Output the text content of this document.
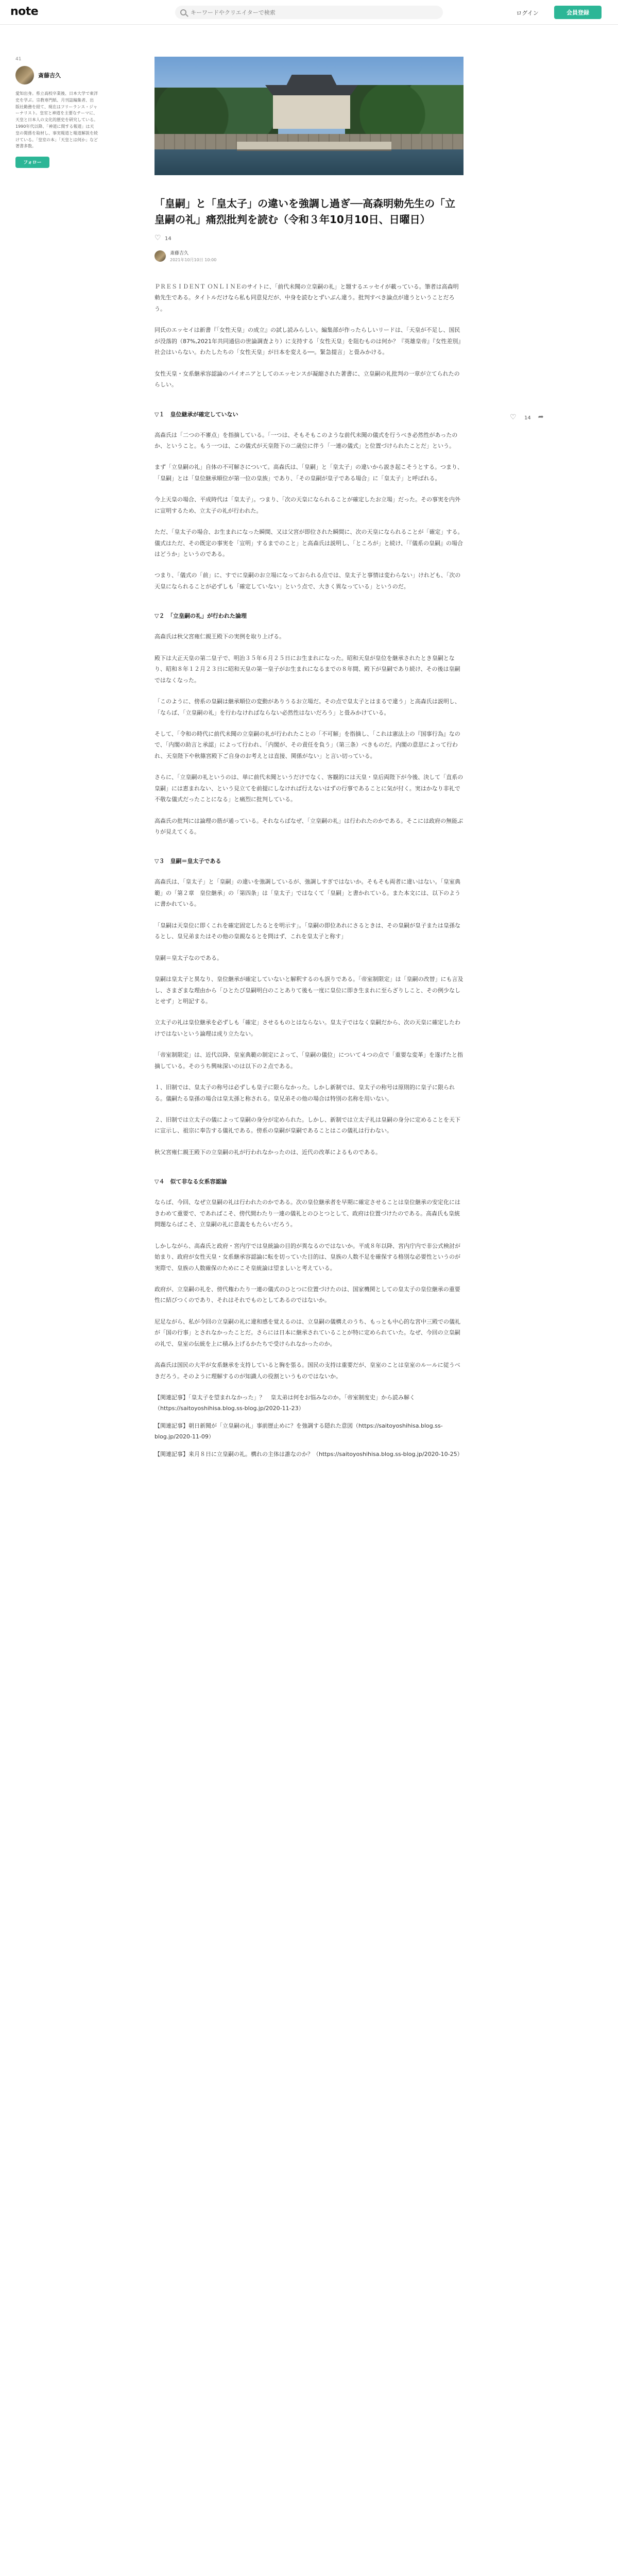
note
キーワードやクリエイターで検索	ログイン	会員登録
41
斎藤吉久
愛知出身。県立高校卒業後、日本大学で東洋史を学ぶ。宗教専門紙、月刊誌編集者、出版社勤務を経て、現在はフリーランス・ジャーナリスト。皇室と神道を主要なテーマに、天皇と日本人の文化的歴史を研究している。1990年代以降、「神道に関する報道」は天皇の関係を取材し、事実報道と報道解説を続けている。「皇室の本」「天皇とは何か」など著書多数。
フォロー
「皇嗣」と「皇太子」の違いを強調し過ぎ──高森明勅先生の「立皇嗣の礼」痛烈批判を読む（令和３年10月10日、日曜日）
♡
14
斎藤吉久
2021年10月10日 10:00

ＰＲＥＳＩＤＥＮＴ ＯＮＬＩＮＥのサイトに、「前代未聞の立皇嗣の礼」と題するエッセイが載っている。筆者は高森明勅先生である。タイトルだけなら私も同意見だが、中身を読むとずいぶん違う。批判すべき論点が違うということだろう。

同氏のエッセイは新書『「女性天皇」の成立』の試し読みらしい。編集部が作ったらしいリードは、「天皇が不足し、国民が没落的（87%,2021年共同通信の世論調査より）に支持する「女性天皇」を阻むものは何か？『英雄皇帝』『女性差別』社会はいらない。わたしたちの「女性天皇」が日本を変える──。緊急提言」と畳みかける。

女性天皇・女系継承容認論のパイオニアとしてのエッセンスが凝縮された著書に、立皇嗣の礼批判の一章が立てられたのらしい。

▽１　皇位継承が確定していない

高森氏は「二つの不審点」を指摘している。「一つは、そもそもこのような前代未聞の儀式を行うべき必然性があったのか、ということ。もう一つは、この儀式が天皇陛下の二歳位に伴う「一連の儀式」と位置づけられたことだ」という。

まず「立皇嗣の礼」自体の不可解さについて。高森氏は、「皇嗣」と「皇太子」の違いから説き起こそうとする。つまり、「皇嗣」とは「皇位継承順位が第一位の皇族」であり、「その皇嗣が皇子である場合」に「皇太子」と呼ばれる。

今上天皇の場合、平成時代は「皇太子」。つまり、「次の天皇になられることが確定したお立場」だった。その事実を内外に宣明するため、立太子の礼が行われた。

ただ、「皇太子の場合、お生まれになった瞬間、又は父宮が即位された瞬間に、次の天皇になられることが「確定」する。儀式はただ、その既定の事実を「宣明」するまでのこと」と高森氏は説明し、「ところが」と続け、「『儀系の皇嗣』の場合はどうか」というのである。

つまり、「儀式の「前」に、すでに皇嗣のお立場になっておられる点では、皇太子と事情は変わらない」けれども、「次の天皇になられることが必ずしも「確定していない」という点で、大きく異なっている」というのだ。

▽２　「立皇嗣の礼」が行われた論理

高森氏は秋父宮雍仁親王殿下の実例を取り上げる。

殿下は大正天皇の第二皇子で、明治３５年６月２５日にお生まれになった。昭和天皇が皇位を継承されたとき皇嗣となり、昭和８年１２月２３日に昭和天皇の第一皇子がお生まれになるまでの８年間、殿下が皇嗣であり続け、その後は皇嗣ではなくなった。

「このように、傍系の皇嗣は継承順位の変動がありうるお立場だ。その点で皇太子とはまるで違う」と高森氏は説明し、「ならば、「立皇嗣の礼」を行わなければならない必然性はないだろう」と畳みかけている。

そして、「令和の時代に前代未聞の立皇嗣の礼が行われたことの「不可解」を指摘し、「これは憲法上の『国事行為』なので、「内閣の助言と承認」によって行われ、「内閣が、その責任を負う」（第三条）べきものだ。内閣の意思によって行われ、天皇陛下や秋篠宮殿下ご自身のお考えとは直接、関係がない」と言い切っている。

さらに、「立皇嗣の礼というのは、単に前代未聞というだけでなく、客観的には天皇・皇后両陛下が今後、決して「直系の皇嗣」には恵まれない、という見立てを前提にしなければ行えないはずの行事であることに気が付く。実はかなり非礼で不敬な儀式だったことになる」と痛烈に批判している。

高森氏の批判には論理の筋が通っている。それならばなぜ、「立皇嗣の礼」は行われたのかである。そこには政府の無能ぶりが見えてくる。

▽３　皇嗣＝皇太子である

高森氏は、「皇太子」と「皇嗣」の違いを強調しているが、強調しすぎではないか。そもそも両者に違いはない。「皇室典範」の「第２章　皇位継承」の「第四条」は「皇太子」ではなくて「皇嗣」と書かれている。また本文には、以下のように書かれている。

「皇嗣は天皇位に即くこれを確定固定したるとを明示す」。「皇嗣の即位あれにさるときは、その皇嗣が皇子または皇孫なるとし、皇兄弟またはその他の皇親なるとを問はず、これを皇太子と称す」

皇嗣＝皇太子なのである。

皇嗣は皇太子と異なり、皇位継承が確定していないと解釈するのも誤りである。「帝室制限定」は「皇嗣の改替」にも言及し、さまざまな理由から「ひとたび皇嗣明白のことありて後も一度に皇位に即き生まれに至らざりしこと、その例少なしとせず」と明記する。

立太子の礼は皇位継承を必ずしも「確定」させるものとはならない。皇太子ではなく皇嗣だから、次の天皇に確定したわけではないという論理は成り立たない。

「帝室制限定」は、近代以降、皇室典範の制定によって、「皇嗣の儀位」について４つの点で「重要な変革」を遂げたと指摘している。そのうち興味深いのは以下の２点である。

１、旧制では、皇太子の称号は必ずしも皇子に限らなかった。しかし新制では、皇太子の称号は原則的に皇子に限られる。儀嗣たる皇孫の場合は皇太孫と称される。皇兄弟その他の場合は特別の名称を用いない。

２、旧制では立太子の儀によって皇嗣の身分が定められた。しかし、新制では立太子礼は皇嗣の身分に定めることを天下に宣示し、祖宗に奉告する儀礼である。傍系の皇嗣が皇嗣であることはこの儀礼は行わない。

秋父宮雍仁親王殿下の立皇嗣の礼が行われなかったのは、近代の改革によるものである。

▽４　似て非なる女系容認論

ならば、今回、なぜ立皇嗣の礼は行われたのかである。次の皇位継承者を早期に確定させることは皇位継承の安定化にはきわめて重要で、であればこそ、傍代間わたり一連の儀礼とのひとつとして、政府は位置づけたのである。高森氏も皇統問題ならばこそ、立皇嗣の礼に意義をもたらいだろう。

しかしながら、高森氏と政府・宮内庁では皇統論の目的が異なるのではないか。平成８年以降、宮内庁内で非公式検討が始まり、政府が女性天皇・女系継承容認論に転を切っていた目的は、皇族の人数不足を確保する格別な必要性というのが実際で、皇族の人数確保のためにこそ皇統論は望ましいと考えている。

政府が、立皇嗣の礼を、傍代権わたり一連の儀式のひとつに位置づけたのは、国家機関としての皇太子の皇位継承の重要性に結びつくのであり、それはそれでものとしてあるのではないか。

尼足ながら、私が今回の立皇嗣の礼に違和感を覚えるのは、立皇嗣の儀構えのうち、もっとも中心的な宮中三殿での儀礼が「国の行事」とされなかったことだ。さらには日本に継承されていることが特に定められていた。なぜ、今回の立皇嗣の礼で、皇室の伝統を上に積み上げるかたちで受けられなかったのか。

高森氏は国民の大半が女系継承を支持していると胸を張る。国民の支持は重要だが、皇室のことは皇室のルールに従うべきだろう。そのように理解するのが知識人の役割というものではないか。

【関連記事】「皇太子を望まれなかった」？　皇太弟は何をお悩みなのか。「帝室制度史」から読み解く（https://saitoyoshihisa.blog.ss-blog.jp/2020-11-23）

【関連記事】朝日新聞が「立皇嗣の礼」事前歴止めに？を強調する隠れた意図（https://saitoyoshihisa.blog.ss-blog.jp/2020-11-09）

【関連記事】来月８日に立皇嗣の礼。構れの主体は誰なのか？（https://saitoyoshihisa.blog.ss-blog.jp/2020-10-25）

♡
14
➦
